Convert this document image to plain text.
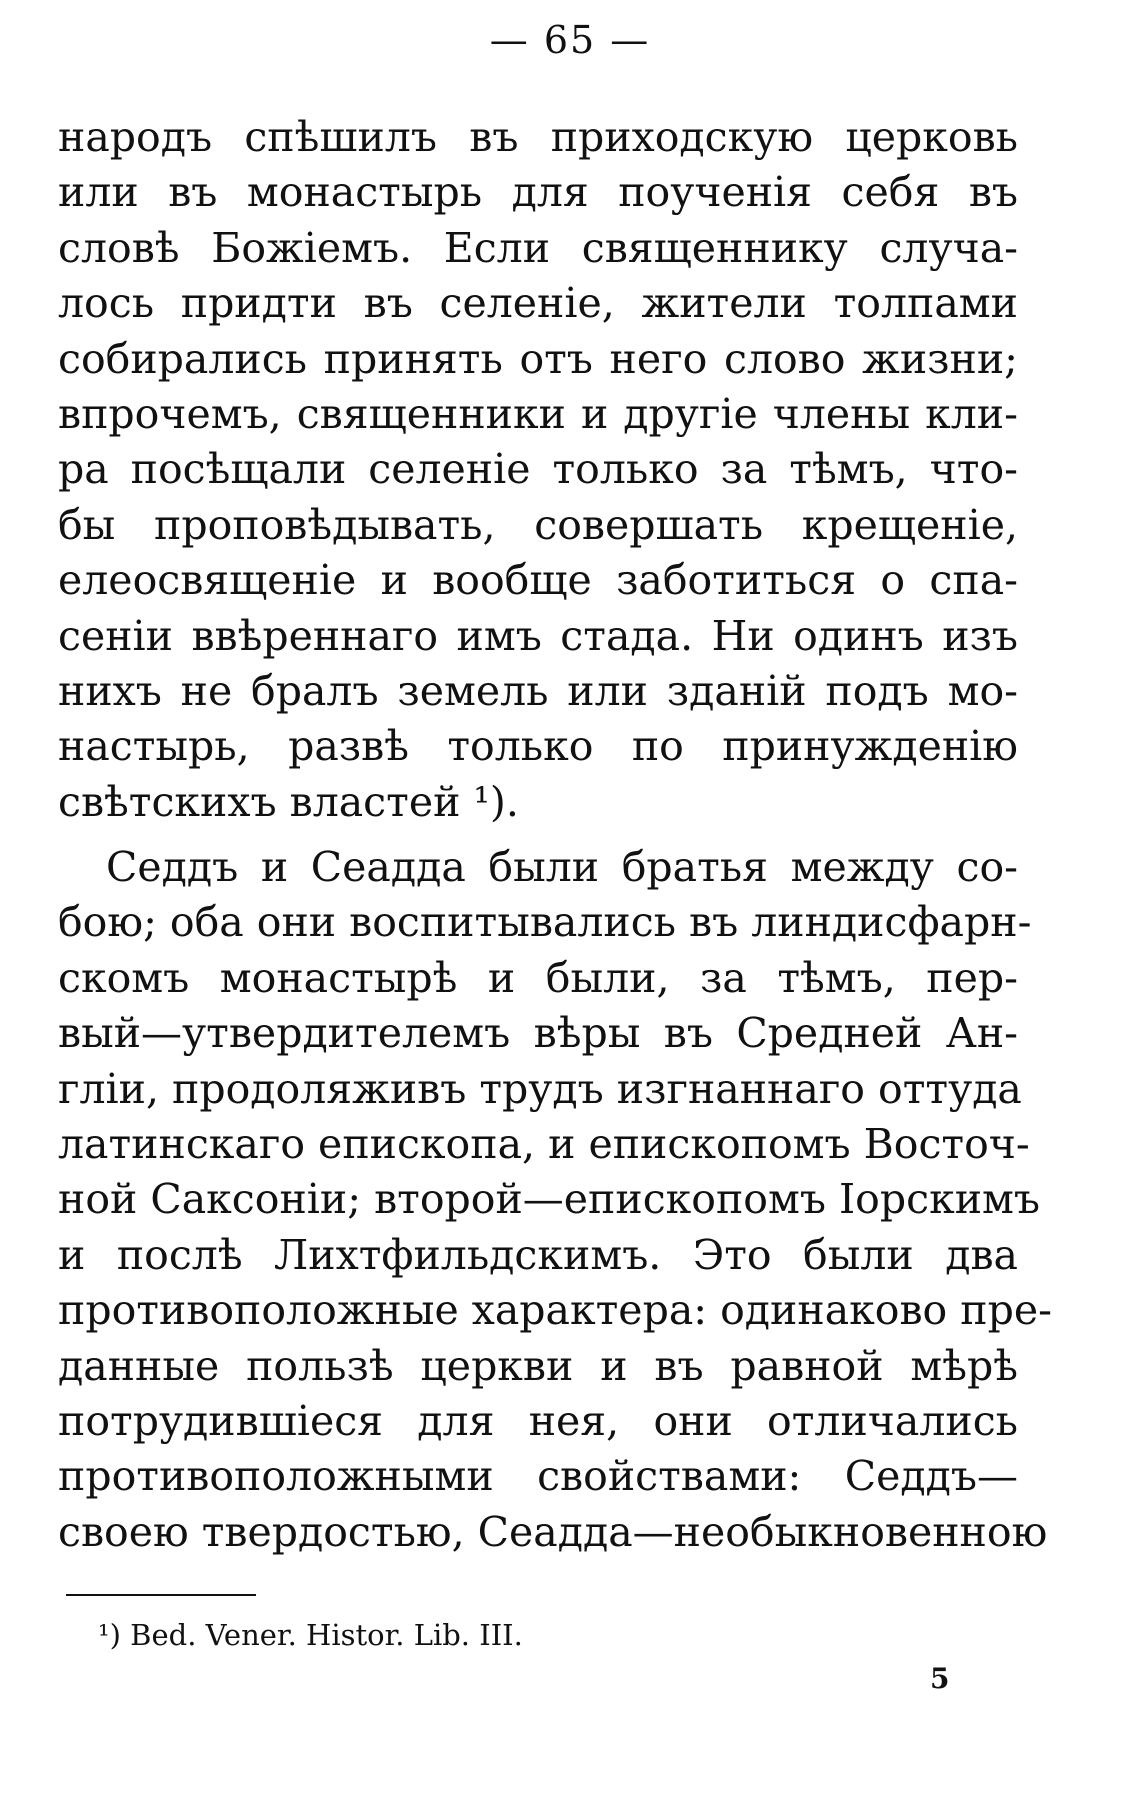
— 65 —
народъ спѣшилъ въ приходскую церковь
или въ монастырь для поученія себя въ
словѣ Божіемъ. Если священнику случа-
лось придти въ селеніе, жители толпами
собирались принять отъ него слово жизни;
впрочемъ, священники и другіе члены кли-
ра посѣщали селеніе только за тѣмъ, что-
бы проповѣдывать, совершать крещеніе,
елеосвященіе и вообще заботиться о спа-
сеніи ввѣреннаго имъ стада. Ни одинъ изъ
нихъ не бралъ земель или зданій подъ мо-
настырь, развѣ только по принужденію
свѣтскихъ властей ¹).
Седдъ и Сеадда были братья между со-
бою; оба они воспитывались въ линдисфарн-
скомъ монастырѣ и были, за тѣмъ, пер-
вый—утвердителемъ вѣры въ Средней Ан-
гліи, продоляживъ трудъ изгнаннаго оттуда
латинскаго епископа, и епископомъ Восточ-
ной Саксоніи; второй—епископомъ Іорскимъ
и послѣ Лихтфильдскимъ. Это были два
противоположные характера: одинаково пре-
данные пользѣ церкви и въ равной мѣрѣ
потрудившіеся для нея, они отличались
противоположными свойствами: Седдъ—
своею твердостью, Сеадда—необыкновенною
¹) Bed. Vener. Histor. Lib. III.
5
